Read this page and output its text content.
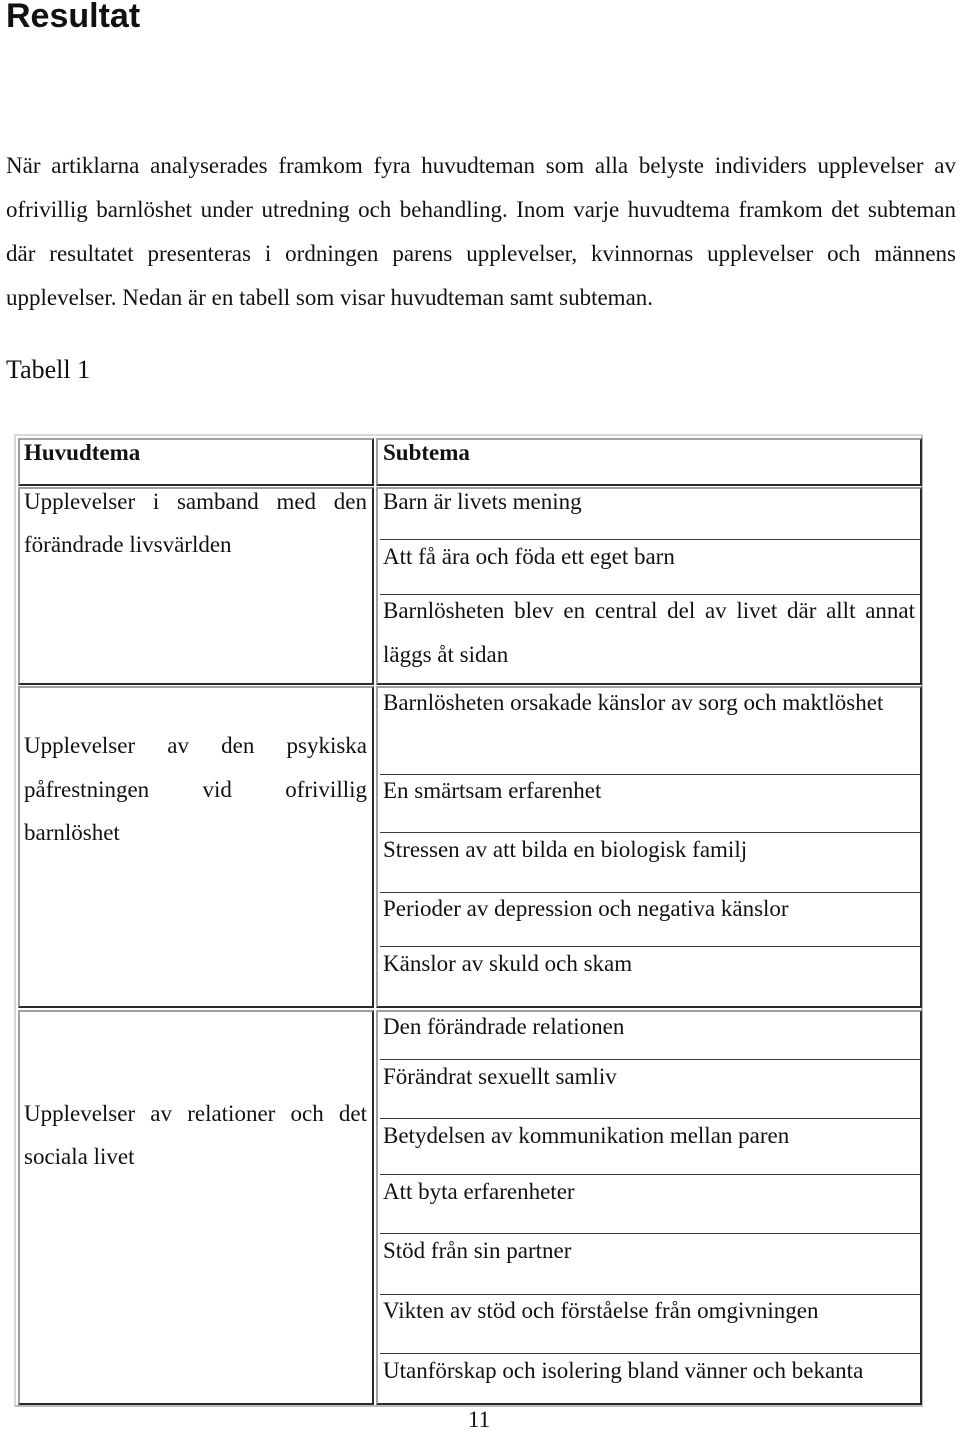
Resultat

När artiklarna analyserades framkom fyra huvudteman som alla belyste individers upplevelser av ofrivillig barnlöshet under utredning och behandling. Inom varje huvudtema framkom det subteman där resultatet presenteras i ordningen parens upplevelser, kvinnornas upplevelser och männens upplevelser. Nedan är en tabell som visar huvudteman samt subteman.

Tabell 1

Huvudtema	Subtema

Upplevelser i samband med den

förändrade livsvärlden

Barn är livets mening

Att få ära och föda ett eget barn

Barnlösheten blev en central del av livet där allt annat läggs åt sidan

Upplevelser av den psykiska

påfrestningen vid ofrivillig

barnlöshet

Barnlösheten orsakade känslor av sorg och maktlöshet

En smärtsam erfarenhet

Stressen av att bilda en biologisk familj

Perioder av depression och negativa känslor

Känslor av skuld och skam

Upplevelser av relationer och det

sociala livet

Den förändrade relationen

Förändrat sexuellt samliv

Betydelsen av kommunikation mellan paren

Att byta erfarenheter

Stöd från sin partner

Vikten av stöd och förståelse från omgivningen

Utanförskap och isolering bland vänner och bekanta

11
